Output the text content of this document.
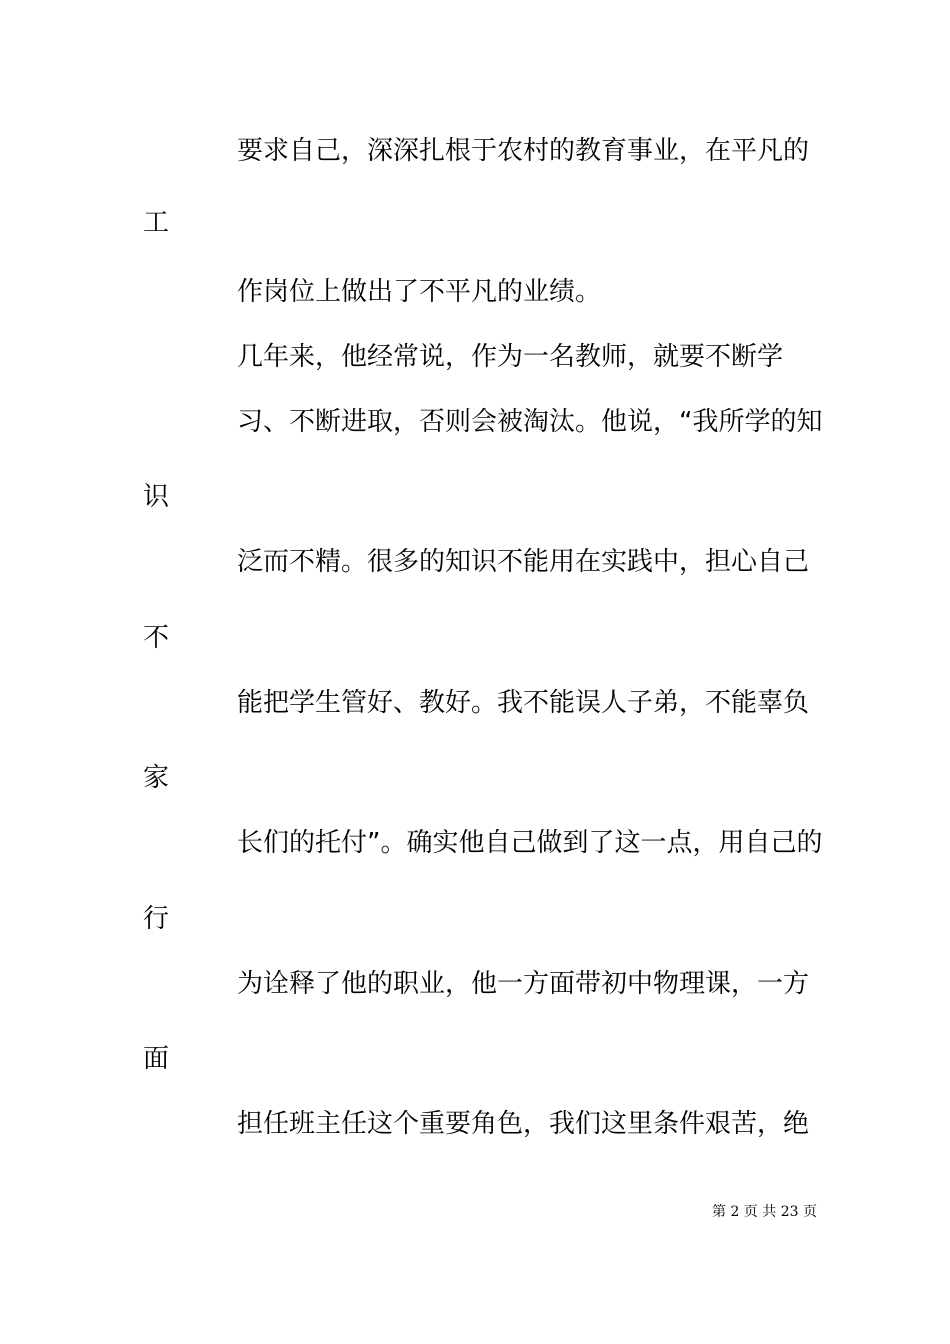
要求自己，深深扎根于农村的教育事业，在平凡的
工
作岗位上做出了不平凡的业绩。
几年来，他经常说，作为一名教师，就要不断学
习、不断进取，否则会被淘汰。他说，“我所学的知
识
泛而不精。很多的知识不能用在实践中，担心自己
不
能把学生管好、教好。我不能误人子弟，不能辜负
家
长们的托付”。确实他自己做到了这一点，用自己的
行
为诠释了他的职业，他一方面带初中物理课，一方
面
担任班主任这个重要角色，我们这里条件艰苦，绝
第 2 页 共 23 页
